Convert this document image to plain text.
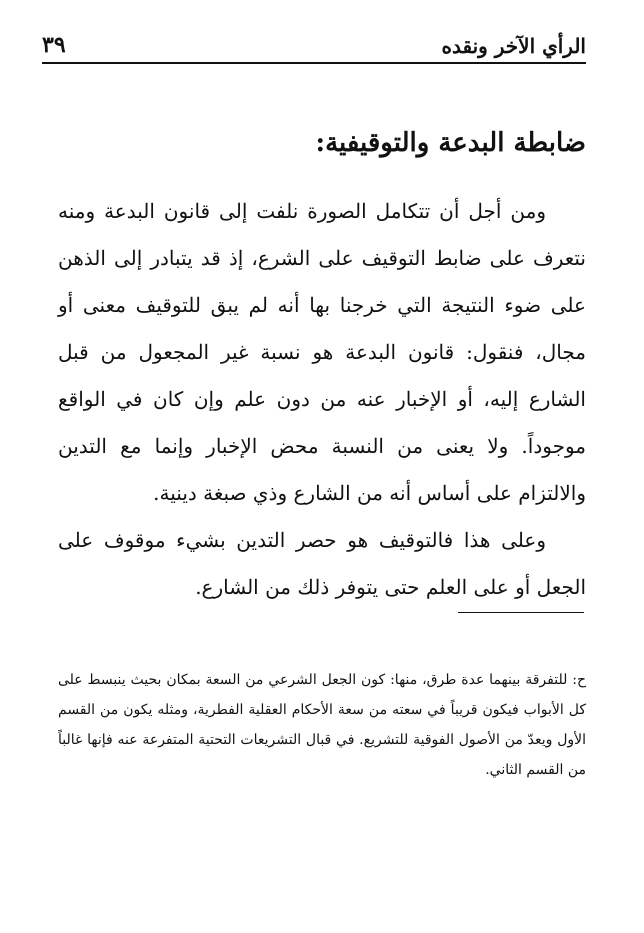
الرأي الآخر ونقده
٣٩
ضابطة البدعة والتوقيفية:

ومن أجل أن تتكامل الصورة نلفت إلى قانون البدعة ومنه نتعرف على ضابط التوقيف على الشرع، إذ قد يتبادر إلى الذهن على ضوء النتيجة التي خرجنا بها أنه لم يبق للتوقيف معنى أو مجال، فنقول: قانون البدعة هو نسبة غير المجعول من قبل الشارع إليه، أو الإخبار عنه من دون علم وإن كان في الواقع موجوداً. ولا يعنى من النسبة محض الإخبار وإنما مع التدين والالتزام على أساس أنه من الشارع وذي صبغة دينية.

وعلى هذا فالتوقيف هو حصر التدين بشيء موقوف على الجعل أو على العلم حتى يتوفر ذلك من الشارع.

ح: للتفرقة بينهما عدة طرق، منها: كون الجعل الشرعي من السعة بمكان بحيث ينبسط على كل الأبواب فيكون قريباً في سعته من سعة الأحكام العقلية الفطرية، ومثله يكون من القسم الأول ويعدّ من الأصول الفوقية للتشريع. في قبال التشريعات التحتية المتفرعة عنه فإنها غالباً من القسم الثاني.
